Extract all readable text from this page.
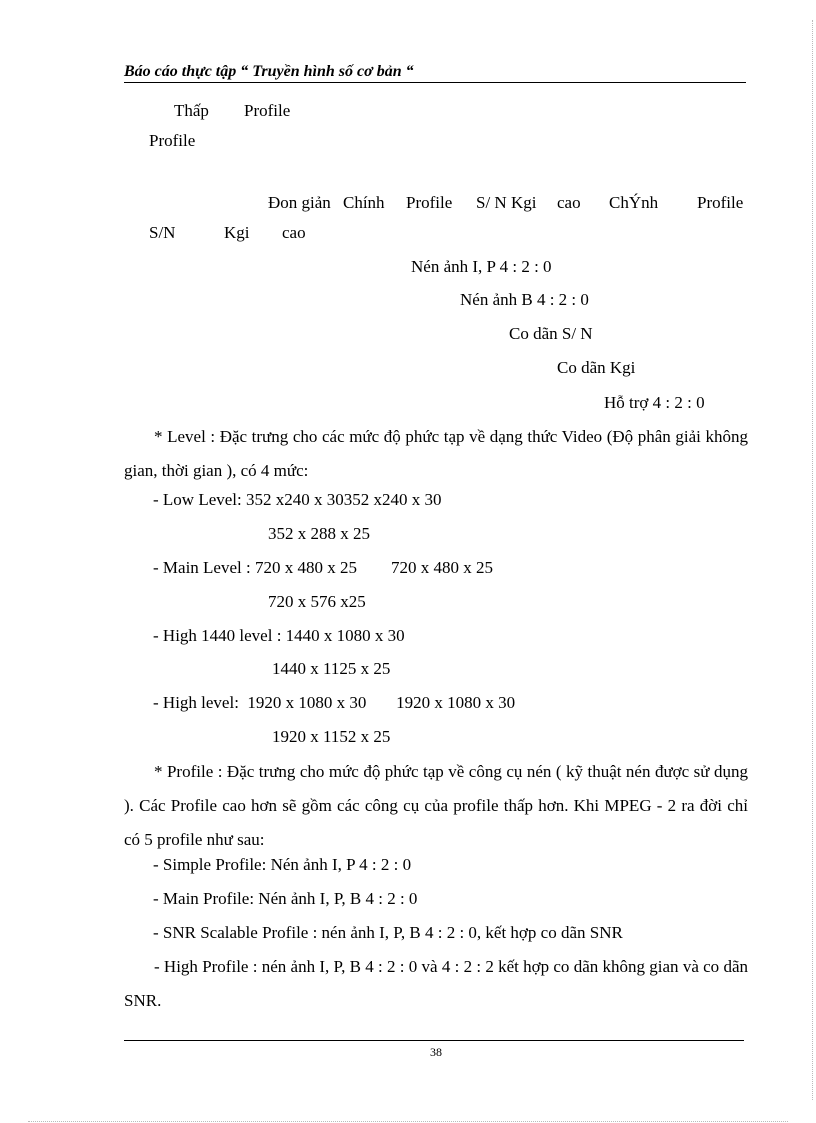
Báo cáo thực tập “ Truyền hình số cơ bản “
Thấp Profile
Profile
Đon giản Chính Profile S/ N Kgi cao ChÝnh Profile
S/N	Kgi cao
Nén ảnh I, P 4 : 2 : 0
Nén ảnh B 4 : 2 : 0
Co dãn S/ N
Co dãn Kgi
Hỗ trợ 4 : 2 : 0
* Level : Đặc trưng cho các mức độ phức tạp về dạng thức Video (Độ phân giải không gian, thời gian ), có 4 mức:
- Low Level: 352 x240 x 30352 x240 x 30
352 x 288 x 25
- Main Level : 720 x 480 x 25        720 x 480 x 25
720 x 576 x25
- High 1440 level : 1440 x 1080 x 30
1440 x 1125 x 25
- High level:  1920 x 1080 x 30       1920 x 1080 x 30
1920 x 1152 x 25
* Profile : Đặc trưng cho mức độ phức tạp về công cụ nén ( kỹ thuật nén được sử dụng ). Các Profile cao hơn sẽ gồm các công cụ của profile thấp hơn. Khi MPEG - 2 ra đời chỉ có 5 profile như sau:
- Simple Profile: Nén ảnh I, P 4 : 2 : 0
- Main Profile: Nén ảnh I, P, B 4 : 2 : 0
- SNR Scalable Profile : nén ảnh I, P, B 4 : 2 : 0, kết hợp co dãn SNR
- High Profile : nén ảnh I, P, B 4 : 2 : 0 và 4 : 2 : 2 kết hợp co dãn không gian và co dãn SNR.
38
